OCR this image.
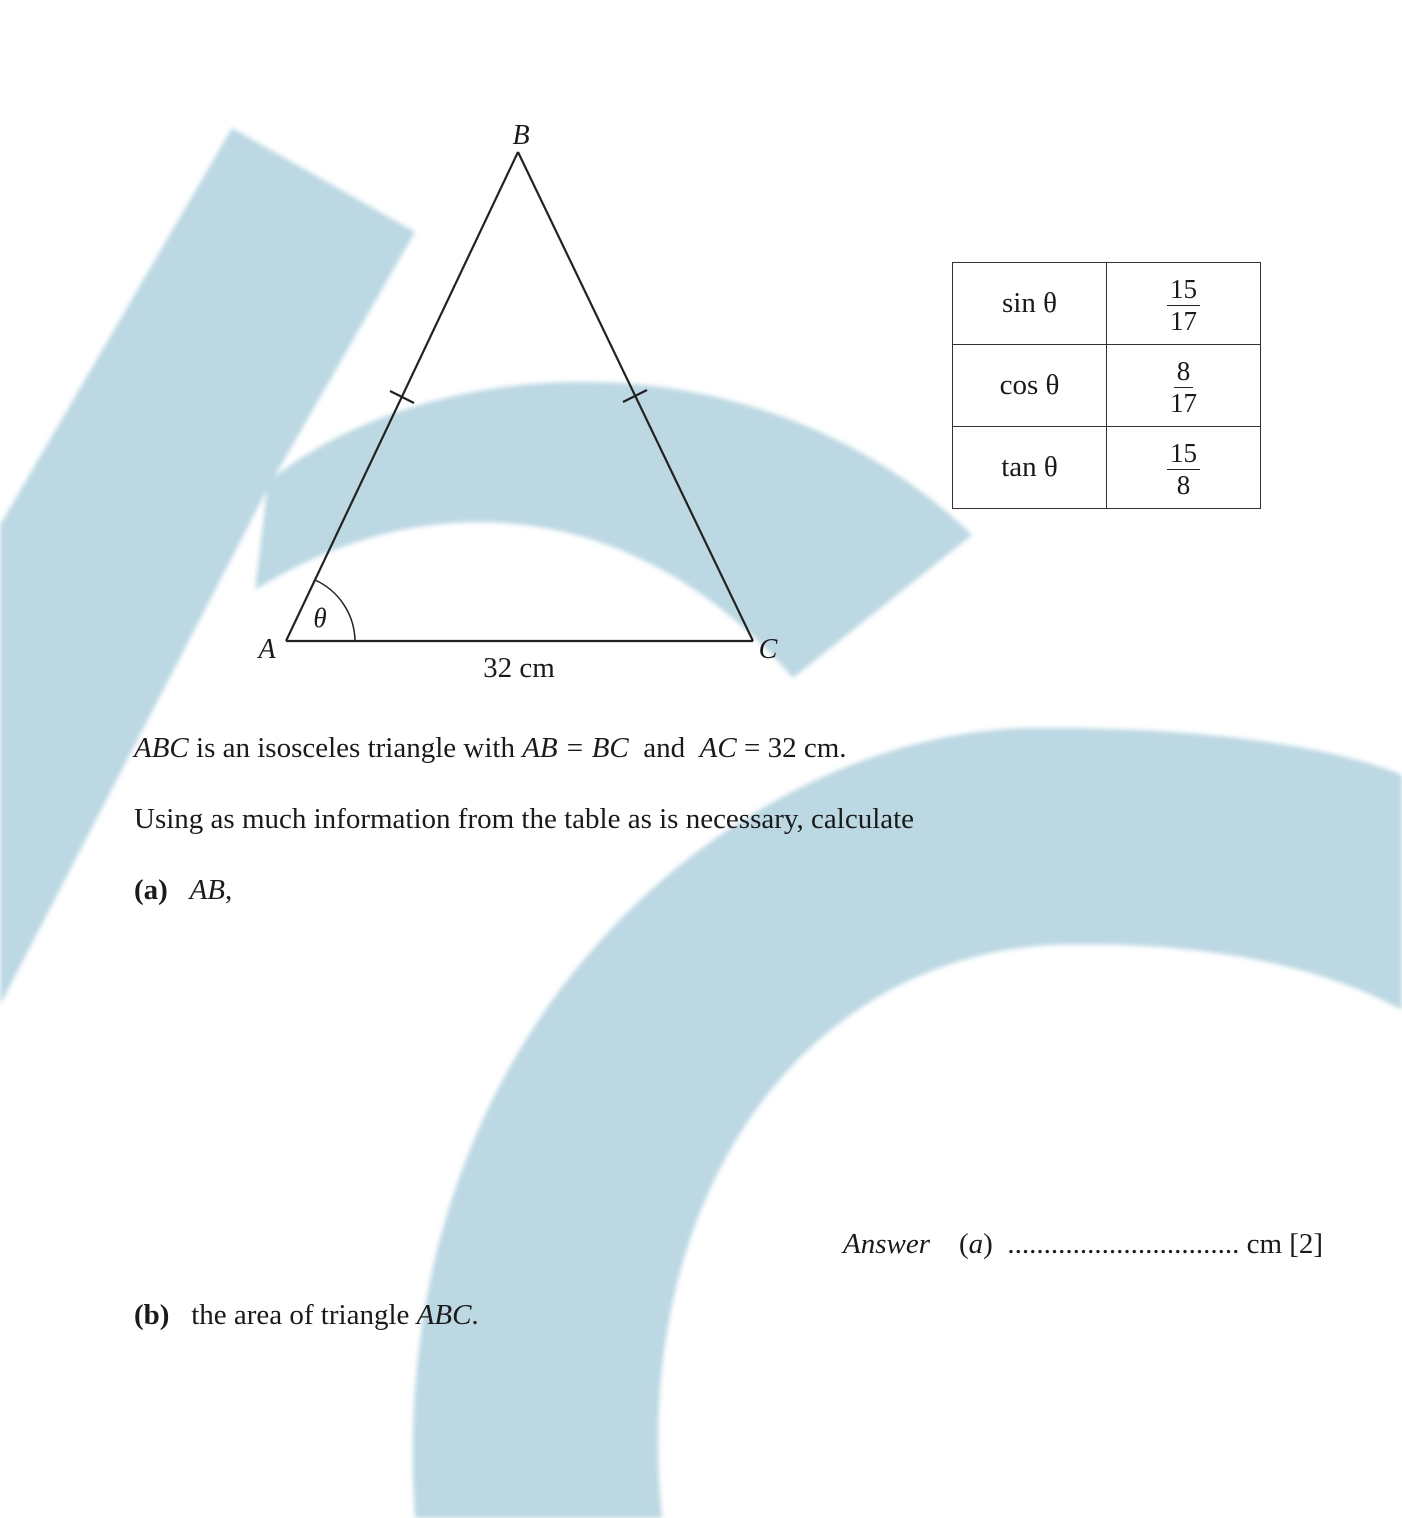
θ
A
B
C
32 cm
sin θ	$\frac{15}{17}$

cos θ	$\frac{8}{17}$

tan θ	$\frac{15}{8}$

ABC is an isosceles triangle with AB = BC and AC = 32 cm.

Using as much information from the table as is necessary, calculate

(a) AB,

Answer (a) ................................ cm [2]

(b) the area of triangle ABC.
